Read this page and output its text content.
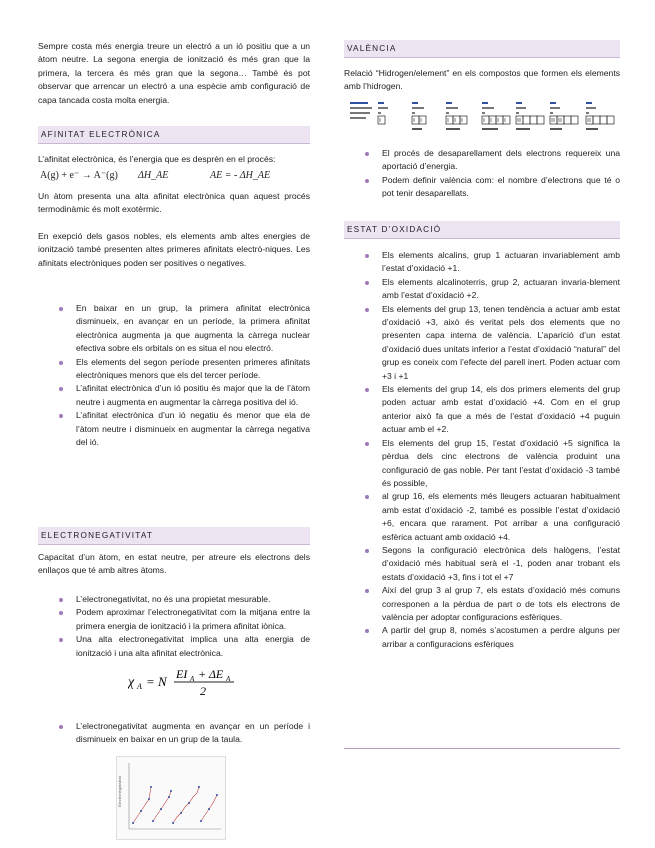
Sempre costa més energia treure un electró a un ió positiu que a un àtom neutre. La segona energia de ionització és més gran que la primera, la tercera és més gran que la segona… També és pot observar que arrencar un electró a una espècie amb configuració de capa tancada costa molta energia.

AFINITAT ELECTRÒNICA

L’afinitat electrònica, és l’energia que es desprèn en el procés:

A(g) + e⁻ → A⁻(g) ΔH_AE	AE = - ΔH_AE

Un àtom presenta una alta afinitat electrònica quan aquest procés termodinàmic és molt exotèrmic.

En exepció dels gasos nobles, els elements amb altes energies de ionització també presenten altes primeres afinitats electrò-niques. Les afinitats electròniques poden ser positives o negatives.

En baixar en un grup, la primera afinitat electrònica disminueix, en avançar en un període, la primera afinitat electrònica augmenta ja que augmenta la càrrega nuclear efectiva sobre els orbitals on es situa el nou electró.
Els elements del segon període presenten primeres afinitats electròniques menors que els del tercer període.
L’afinitat electrònica d’un ió positiu és major que la de l’àtom neutre i augmenta en augmentar la càrrega positiva del ió.
L’afinitat electrònica d’un ió negatiu és menor que ela de l’àtom neutre i disminueix en augmentar la càrrega negativa del ió.
ELECTRONEGATIVITAT

Capacitat d’un àtom, en estat neutre, per atreure els electrons dels enllaços que té amb altres àtoms.

L’electronegativitat, no és una propietat mesurable.
Podem aproximar l’electronegativitat com la mitjana entre la primera energia de ionització i la primera afinitat iònica.
Una alta electronegativitat implica una alta energia de ionització i una alta afinitat electrònica.
χ A = N EI A + ΔE A
2
L’electronegativitat augmenta en avançar en un període i disminueix en baixar en un grup de la taula.
Electronegativitat
VALÈNCIA

Relació “Hidrogen/element” en els compostos que formen els elements amb l’hidrogen.

El procés de desaparellament dels electrons requereix una aportació d’energia.
Podem definir valència com: el nombre d’electrons que té o pot tenir desaparellats.
ESTAT D’OXIDACIÓ
Els elements alcalins, grup 1 actuaran invariablement amb l’estat d’oxidació +1.
Els elements alcalinoterris, grup 2, actuaran invaria-blement amb l’estat d’oxidació +2.
Els elements del grup 13, tenen tendència a actuar amb estat d’oxidació +3, això és veritat pels dos elements que no presenten capa interna de valència. L’aparició d’un estat d’oxidació dues unitats inferior a l’estat d’oxidació “natural” del grup es coneix com l’efecte del parell inert. Poden actuar com +3 i +1
Els elements del grup 14, els dos primers elements del grup poden actuar amb estat d’oxidació +4. Com en el grup anterior això fa que a més de l’estat d’oxidació +4 puguin actuar amb el +2.
Els elements del grup 15, l’estat d’oxidació +5 significa la pèrdua dels cinc electrons de valència produint una configuració de gas noble. Per tant l’estat d’oxidació -3 també és possible,
al grup 16, els elements més lleugers actuaran habitualment amb estat d’oxidació -2, també es possible l’estat d’oxidació +6, encara que rarament. Pot arribar a una configuració esfèrica actuant amb oxidació +4.
Segons la configuració electrònica dels halògens, l’estat d’oxidació més habitual serà el -1, poden anar trobant els estats d’oxidació +3, fins i tot el +7
Així del grup 3 al grup 7, els estats d’oxidació més comuns corresponen a la pèrdua de part o de tots els electrons de valència per adoptar configuracions esfèriques.
A partir del grup 8, només s’acostumen a perdre alguns per arribar a configuracions esfèriques
